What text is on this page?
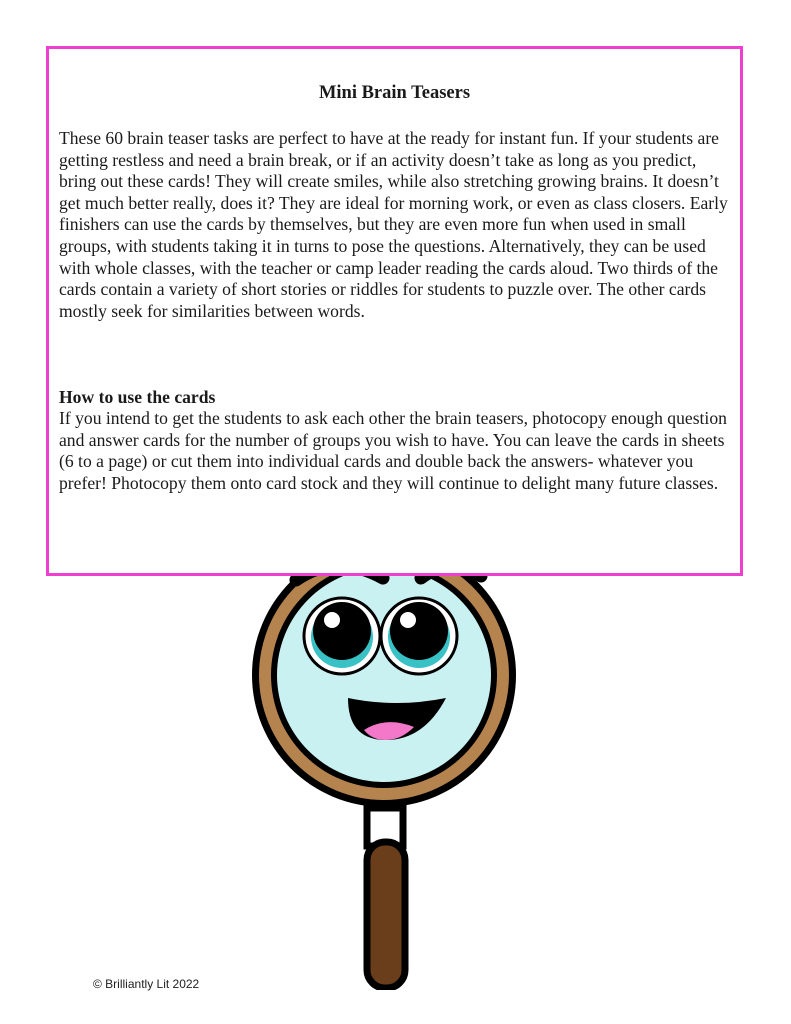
Mini Brain Teasers

These 60 brain teaser tasks are perfect to have at the ready for instant fun. If your students are getting restless and need a brain break, or if an activity doesn’t take as long as you predict, bring out these cards! They will create smiles, while also stretching growing brains. It doesn’t get much better really, does it? They are ideal for morning work, or even as class closers. Early finishers can use the cards by themselves, but they are even more fun when used in small groups, with students taking it in turns to pose the questions. Alternatively, they can be used with whole classes, with the teacher or camp leader reading the cards aloud. Two thirds of the cards contain a variety of short stories or riddles for students to puzzle over. The other cards mostly seek for similarities between words.

How to use the cards

If you intend to get the students to ask each other the brain teasers, photocopy enough question and answer cards for the number of groups you wish to have. You can leave the cards in sheets (6 to a page) or cut them into individual cards and double back the answers- whatever you prefer! Photocopy them onto card stock and they will continue to delight many future classes.

© Brilliantly Lit 2022
